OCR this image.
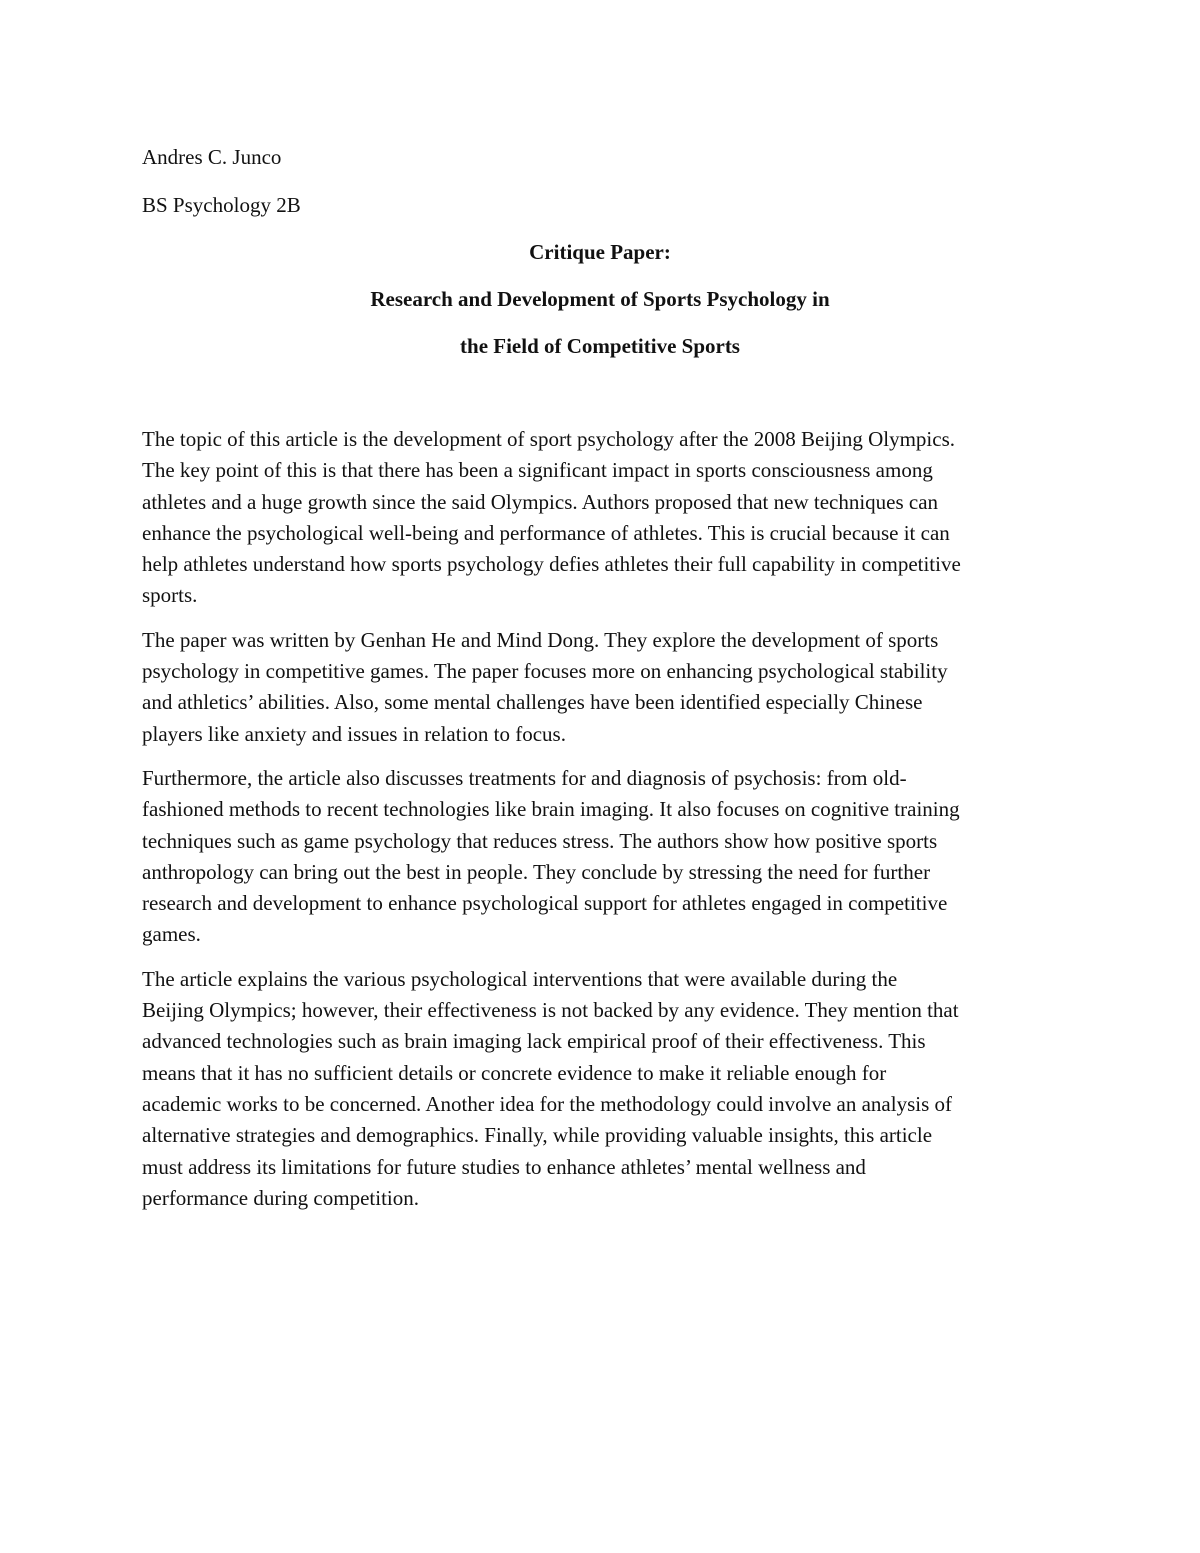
Andres C. Junco
BS Psychology 2B
Critique Paper:
Research and Development of Sports Psychology in
the Field of Competitive Sports
The topic of this article is the development of sport psychology after the 2008 Beijing Olympics.
The key point of this is that there has been a significant impact in sports consciousness among
athletes and a huge growth since the said Olympics. Authors proposed that new techniques can
enhance the psychological well-being and performance of athletes. This is crucial because it can
help athletes understand how sports psychology defies athletes their full capability in competitive
sports.
The paper was written by Genhan He and Mind Dong. They explore the development of sports
psychology in competitive games. The paper focuses more on enhancing psychological stability
and athletics’ abilities. Also, some mental challenges have been identified especially Chinese
players like anxiety and issues in relation to focus.
Furthermore, the article also discusses treatments for and diagnosis of psychosis: from old-
fashioned methods to recent technologies like brain imaging. It also focuses on cognitive training
techniques such as game psychology that reduces stress. The authors show how positive sports
anthropology can bring out the best in people. They conclude by stressing the need for further
research and development to enhance psychological support for athletes engaged in competitive
games.
The article explains the various psychological interventions that were available during the
Beijing Olympics; however, their effectiveness is not backed by any evidence. They mention that
advanced technologies such as brain imaging lack empirical proof of their effectiveness. This
means that it has no sufficient details or concrete evidence to make it reliable enough for
academic works to be concerned. Another idea for the methodology could involve an analysis of
alternative strategies and demographics. Finally, while providing valuable insights, this article
must address its limitations for future studies to enhance athletes’ mental wellness and
performance during competition.
